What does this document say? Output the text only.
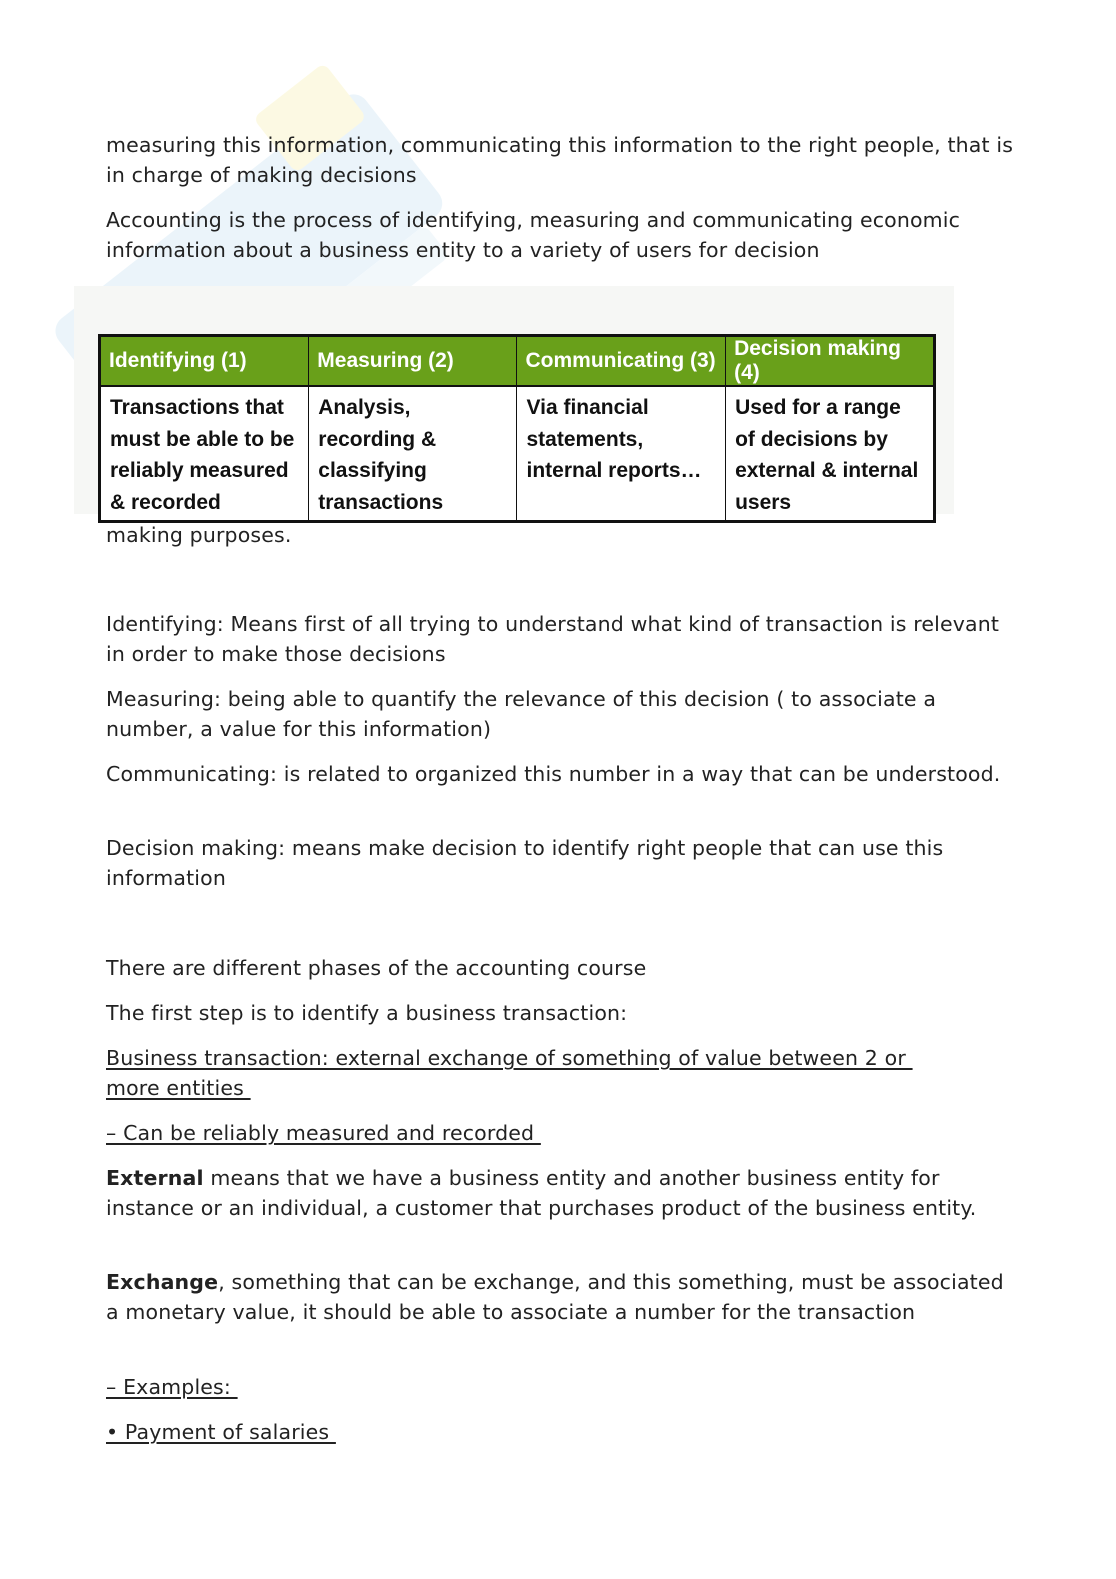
measuring this information, communicating this information to the right people, that is in charge of making decisions

Accounting is the process of identifying, measuring and communicating economic information about a business entity to a variety of users for decision

Identifying (1)	Measuring (2)	Communicating (3)	Decision making (4)
Transactions that must be able to be reliably measured & recorded	Analysis, recording & classifying transactions	Via financial statements, internal reports…	Used for a range of decisions by external & internal users

making purposes.

Identifying: Means first of all trying to understand what kind of transaction is relevant in order to make those decisions

Measuring: being able to quantify the relevance of this decision ( to associate a number, a value for this information)

Communicating: is related to organized this number in a way that can be understood.

Decision making: means make decision to identify right people that can use this information

There are different phases of the accounting course

The first step is to identify a business transaction:

Business transaction: external exchange of something of value between 2 or
more entities

– Can be reliably measured and recorded

External means that we have a business entity and another business entity for instance or an individual, a customer that purchases product of the business entity.

Exchange, something that can be exchange, and this something, must be associated a monetary value, it should be able to associate a number for the transaction

– Examples:

• Payment of salaries
